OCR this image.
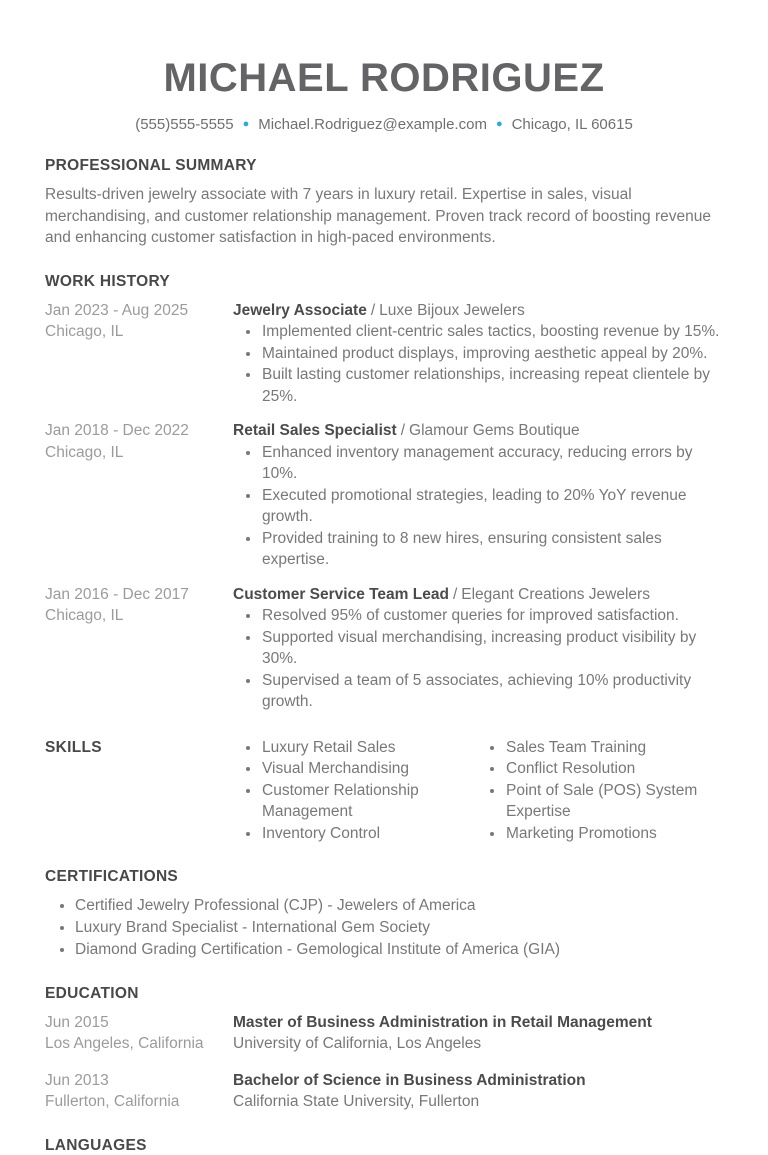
MICHAEL RODRIGUEZ
(555)555-5555 ● Michael.Rodriguez@example.com ● Chicago, IL 60615
PROFESSIONAL SUMMARY

Results-driven jewelry associate with 7 years in luxury retail. Expertise in sales, visual merchandising, and customer relationship management. Proven track record of boosting revenue and enhancing customer satisfaction in high-paced environments.

WORK HISTORY
Jan 2023 - Aug 2025
Chicago, IL
Jewelry Associate / Luxe Bijoux Jewelers
• Implemented client-centric sales tactics, boosting revenue by 15%.
• Maintained product displays, improving aesthetic appeal by 20%.
• Built lasting customer relationships, increasing repeat clientele by 25%.
Jan 2018 - Dec 2022
Chicago, IL
Retail Sales Specialist / Glamour Gems Boutique
• Enhanced inventory management accuracy, reducing errors by 10%.
• Executed promotional strategies, leading to 20% YoY revenue growth.
• Provided training to 8 new hires, ensuring consistent sales expertise.
Jan 2016 - Dec 2017
Chicago, IL
Customer Service Team Lead / Elegant Creations Jewelers
• Resolved 95% of customer queries for improved satisfaction.
• Supported visual merchandising, increasing product visibility by 30%.
• Supervised a team of 5 associates, achieving 10% productivity growth.
SKILLS	• Luxury Retail Sales
• Visual Merchandising
• Customer Relationship Management
• Inventory Control
• Sales Team Training
• Conflict Resolution
• Point of Sale (POS) System Expertise
• Marketing Promotions
CERTIFICATIONS
• Certified Jewelry Professional (CJP) - Jewelers of America
• Luxury Brand Specialist - International Gem Society
• Diamond Grading Certification - Gemological Institute of America (GIA)
EDUCATION
Jun 2015
Los Angeles, California
Master of Business Administration in Retail Management
University of California, Los Angeles
Jun 2013
Fullerton, California
Bachelor of Science in Business Administration
California State University, Fullerton
LANGUAGES
